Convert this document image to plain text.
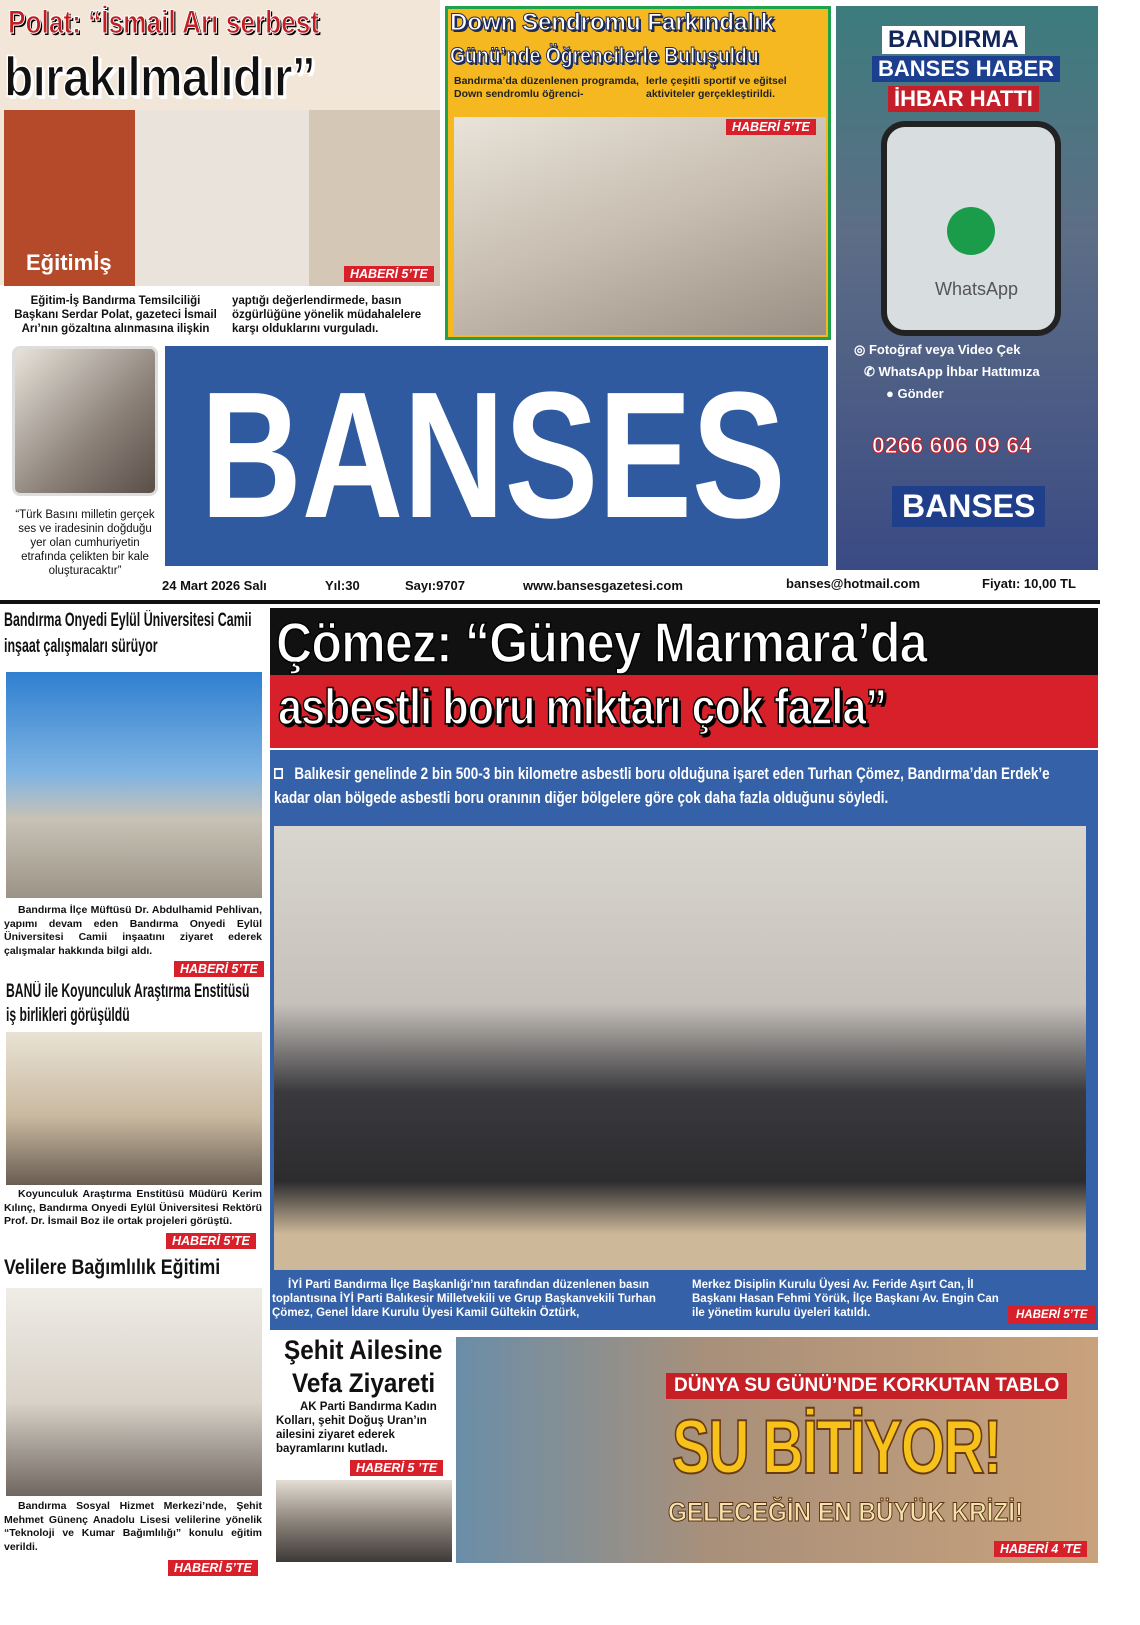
Polat: “İsmail Arı serbest
bırakılmalıdır”
Eğitimİş	HABERİ 5’TE
Eğitim-İş Bandırma Temsilciliği Başkanı Serdar Polat, gazeteci İsmail Arı’nın gözaltına alınmasına ilişkin
yaptığı değerlendirmede, basın özgürlüğüne yönelik müdahalelere karşı olduklarını vurguladı.
Down Sendromu Farkındalık
Günü’nde Öğrencilerle Buluşuldu
Bandırma’da düzenlenen programda, Down sendromlu öğrenci-
lerle çeşitli sportif ve eğitsel aktiviteler gerçekleştirildi.
HABERİ 5’TE
BANDIRMA
BANSES HABER
İHBAR HATTI
WhatsApp
◎ Fotoğraf veya Video Çek
✆ WhatsApp İhbar Hattımıza
● Gönder
0266 606 09 64
BANSES
“Türk Basını milletin gerçek ses ve iradesinin doğduğu yer olan cumhuriyetin etrafında çelikten bir kale oluşturacaktır”
BANSES
24 Mart 2026 Salı	Yıl:30	Sayı:9707	www.bansesgazetesi.com	banses@hotmail.com	Fiyatı: 10,00 TL
Bandırma Onyedi Eylül Üniversitesi Camii inşaat çalışmaları sürüyor
Bandırma İlçe Müftüsü Dr. Abdulhamid Pehlivan, yapımı devam eden Bandırma Onyedi Eylül Üniversitesi Camii inşaatını ziyaret ederek çalışmalar hakkında bilgi aldı.
HABERİ 5’TE
BANÜ ile Koyunculuk Araştırma Enstitüsü iş birlikleri görüşüldü
Koyunculuk Araştırma Enstitüsü Müdürü Kerim Kılınç, Bandırma Onyedi Eylül Üniversitesi Rektörü Prof. Dr. İsmail Boz ile ortak projeleri görüştü.
HABERİ 5’TE
Velilere Bağımlılık Eğitimi
Bandırma Sosyal Hizmet Merkezi’nde, Şehit Mehmet Günenç Anadolu Lisesi velilerine yönelik “Teknoloji ve Kumar Bağımlılığı” konulu eğitim verildi.
HABERİ 5’TE
Çömez: “Güney Marmara’da
asbestli boru miktarı çok fazla”
Balıkesir genelinde 2 bin 500-3 bin kilometre asbestli boru olduğuna işaret eden Turhan Çömez, Bandırma’dan Erdek’e kadar olan bölgede asbestli boru oranının diğer bölgelere göre çok daha fazla olduğunu söyledi.
İYİ Parti Bandırma İlçe Başkanlığı’nın tarafından düzenlenen basın toplantısına İYİ Parti Balıkesir Milletvekili ve Grup Başkanvekili Turhan Çömez, Genel İdare Kurulu Üyesi Kamil Gültekin Öztürk,
Merkez Disiplin Kurulu Üyesi Av. Feride Aşırt Can, İl Başkanı Hasan Fehmi Yörük, İlçe Başkanı Av. Engin Can ile yönetim kurulu üyeleri katıldı.	HABERİ 5’TE
Şehit Ailesine
Vefa Ziyareti
AK Parti Bandırma Kadın Kolları, şehit Doğuş Uran’ın ailesini ziyaret ederek bayramlarını kutladı.
HABERİ 5 ’TE
DÜNYA SU GÜNÜ’NDE KORKUTAN TABLO
SU BİTİYOR!
GELECEĞİN EN BÜYÜK KRİZİ!
HABERİ 4 ’TE
